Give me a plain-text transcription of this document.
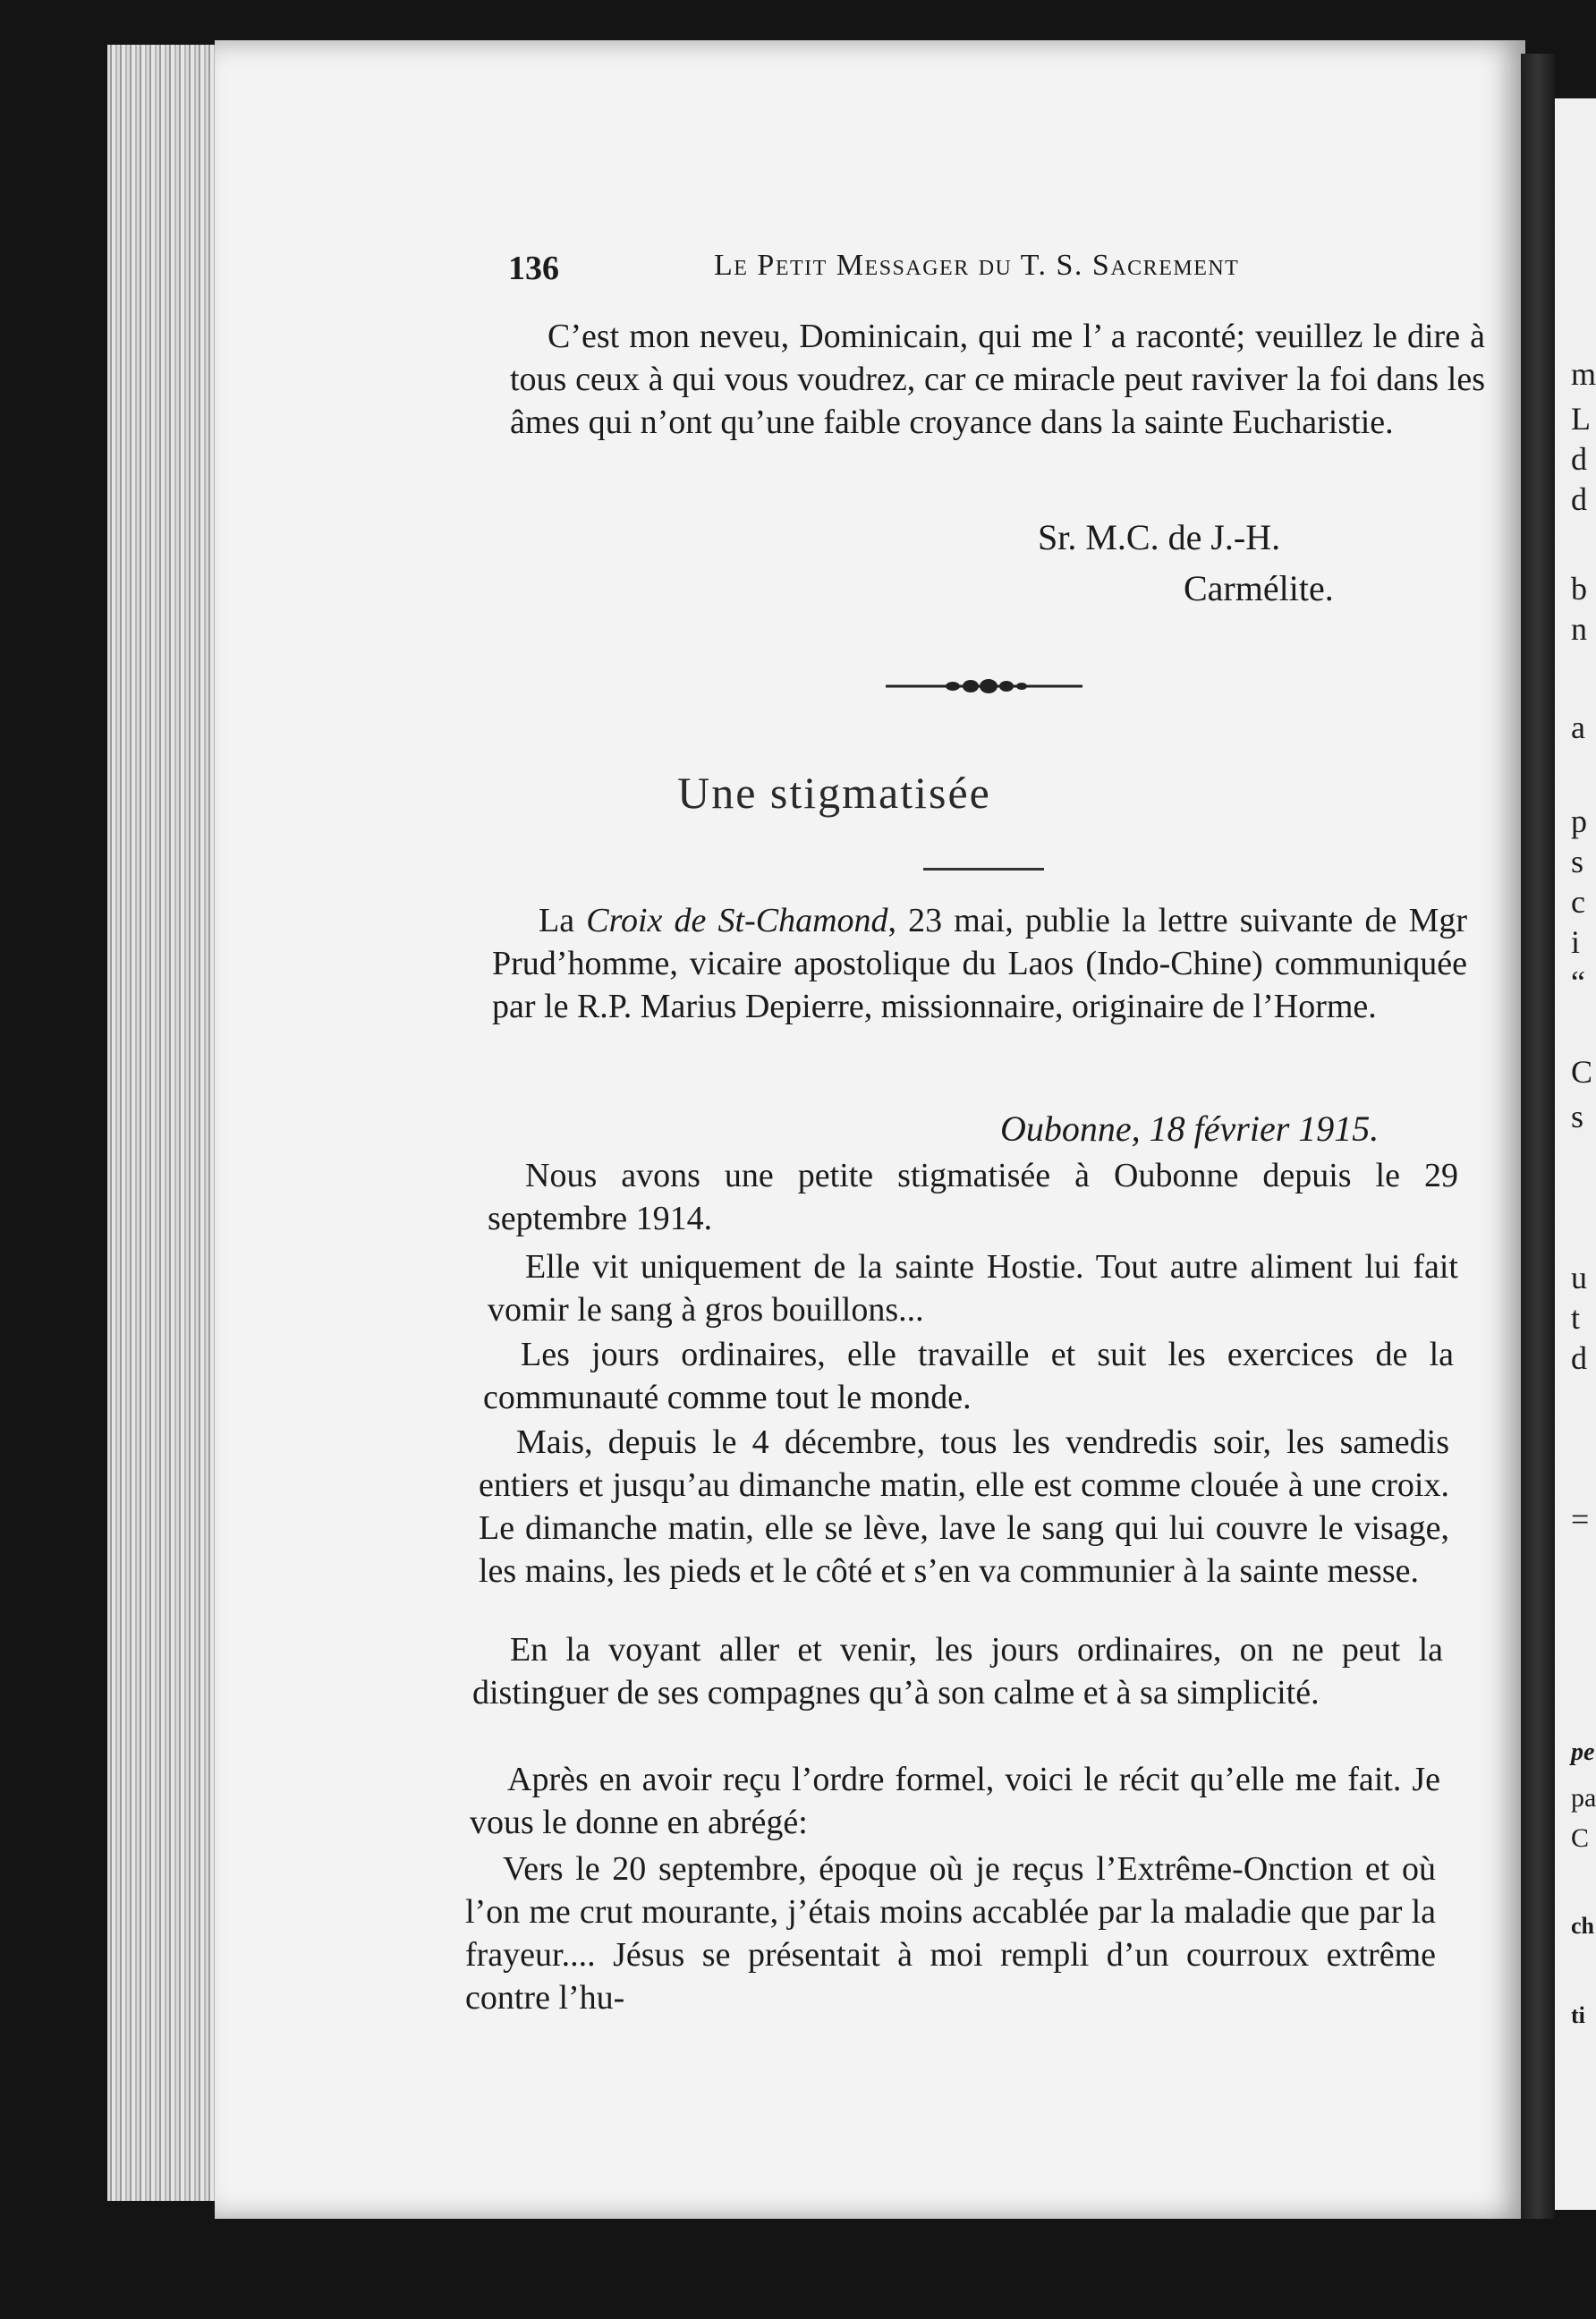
136	Le Petit Messager du T. S. Sacrement
C’est mon neveu, Dominicain, qui me l’ a raconté; veuillez le dire à tous ceux à qui vous voudrez, car ce miracle peut raviver la foi dans les âmes qui n’ont qu’une faible croyance dans la sainte Eucharistie.
Sr. M.C. de J.-H.
Carmélite.
Une stigmatisée
La Croix de St-Chamond, 23 mai, publie la lettre suivante de Mgr Prud’homme, vicaire apostolique du Laos (Indo-Chine) communiquée par le R.P. Marius Depierre, missionnaire, originaire de l’Horme.
Oubonne, 18 février 1915.
Nous avons une petite stigmatisée à Oubonne depuis le 29 septembre 1914.
Elle vit uniquement de la sainte Hostie. Tout autre aliment lui fait vomir le sang à gros bouillons...
Les jours ordinaires, elle travaille et suit les exercices de la communauté comme tout le monde.
Mais, depuis le 4 décembre, tous les vendredis soir, les samedis entiers et jusqu’au dimanche matin, elle est comme clouée à une croix. Le dimanche matin, elle se lève, lave le sang qui lui couvre le visage, les mains, les pieds et le côté et s’en va communier à la sainte messe.
En la voyant aller et venir, les jours ordinaires, on ne peut la distinguer de ses compagnes qu’à son calme et à sa simplicité.
Après en avoir reçu l’ordre formel, voici le récit qu’elle me fait. Je vous le donne en abrégé:
Vers le 20 septembre, époque où je reçus l’Extrême-Onction et où l’on me crut mourante, j’étais moins accablée par la maladie que par la frayeur.... Jésus se présentait à moi rempli d’un courroux extrême contre l’hu-
m
L
d
d
b
n
a
p
s
c
i
“
C
s
u
t
d
=
pe
pa
C
ch
ti
